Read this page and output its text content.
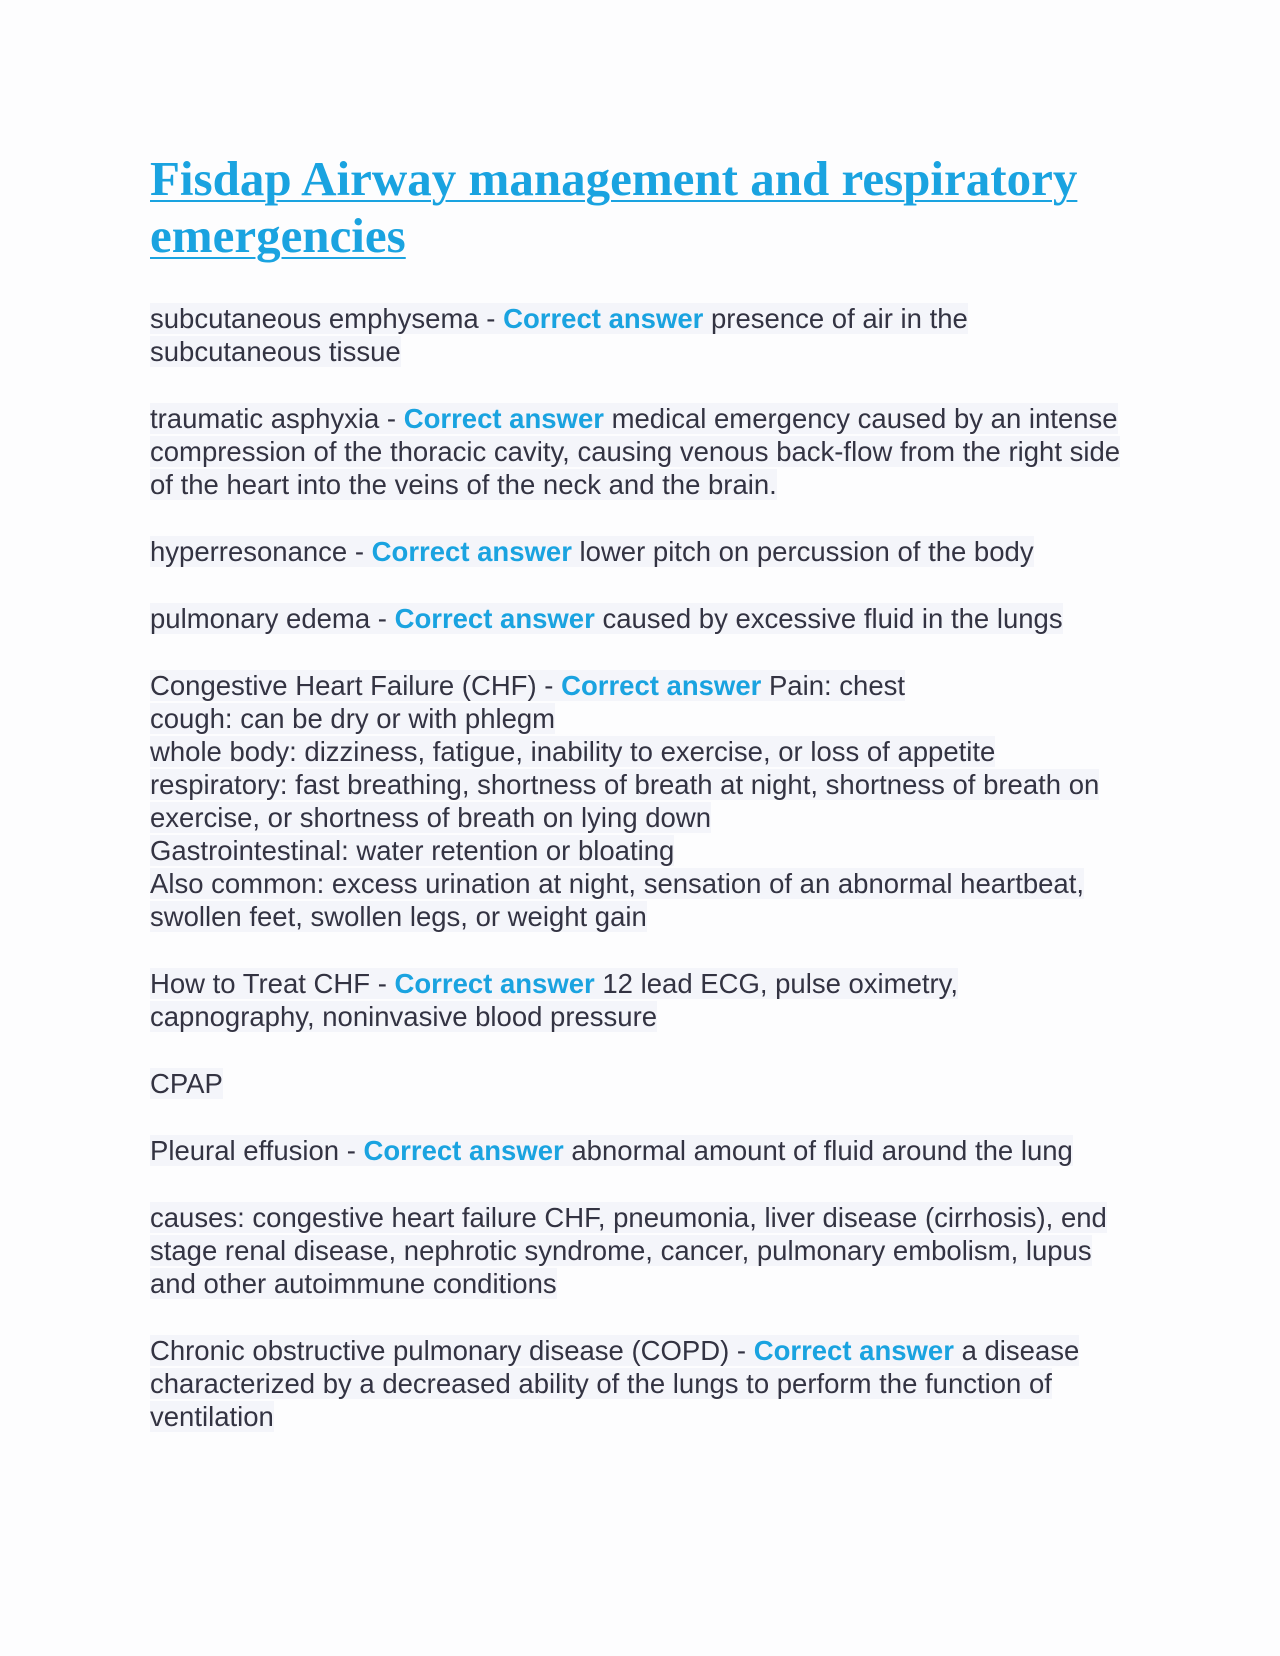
Fisdap Airway management and respiratory emergencies

subcutaneous emphysema - Correct answer presence of air in the subcutaneous tissue

traumatic asphyxia - Correct answer medical emergency caused by an intense compression of the thoracic cavity, causing venous back-flow from the right side of the heart into the veins of the neck and the brain.

hyperresonance - Correct answer lower pitch on percussion of the body

pulmonary edema - Correct answer caused by excessive fluid in the lungs

Congestive Heart Failure (CHF) - Correct answer Pain: chest
cough: can be dry or with phlegm
whole body: dizziness, fatigue, inability to exercise, or loss of appetite
respiratory: fast breathing, shortness of breath at night, shortness of breath on exercise, or shortness of breath on lying down
Gastrointestinal: water retention or bloating
Also common: excess urination at night, sensation of an abnormal heartbeat, swollen feet, swollen legs, or weight gain

How to Treat CHF - Correct answer 12 lead ECG, pulse oximetry, capnography, noninvasive blood pressure

CPAP

Pleural effusion - Correct answer abnormal amount of fluid around the lung

causes: congestive heart failure CHF, pneumonia, liver disease (cirrhosis), end stage renal disease, nephrotic syndrome, cancer, pulmonary embolism, lupus and other autoimmune conditions

Chronic obstructive pulmonary disease (COPD) - Correct answer a disease characterized by a decreased ability of the lungs to perform the function of ventilation
